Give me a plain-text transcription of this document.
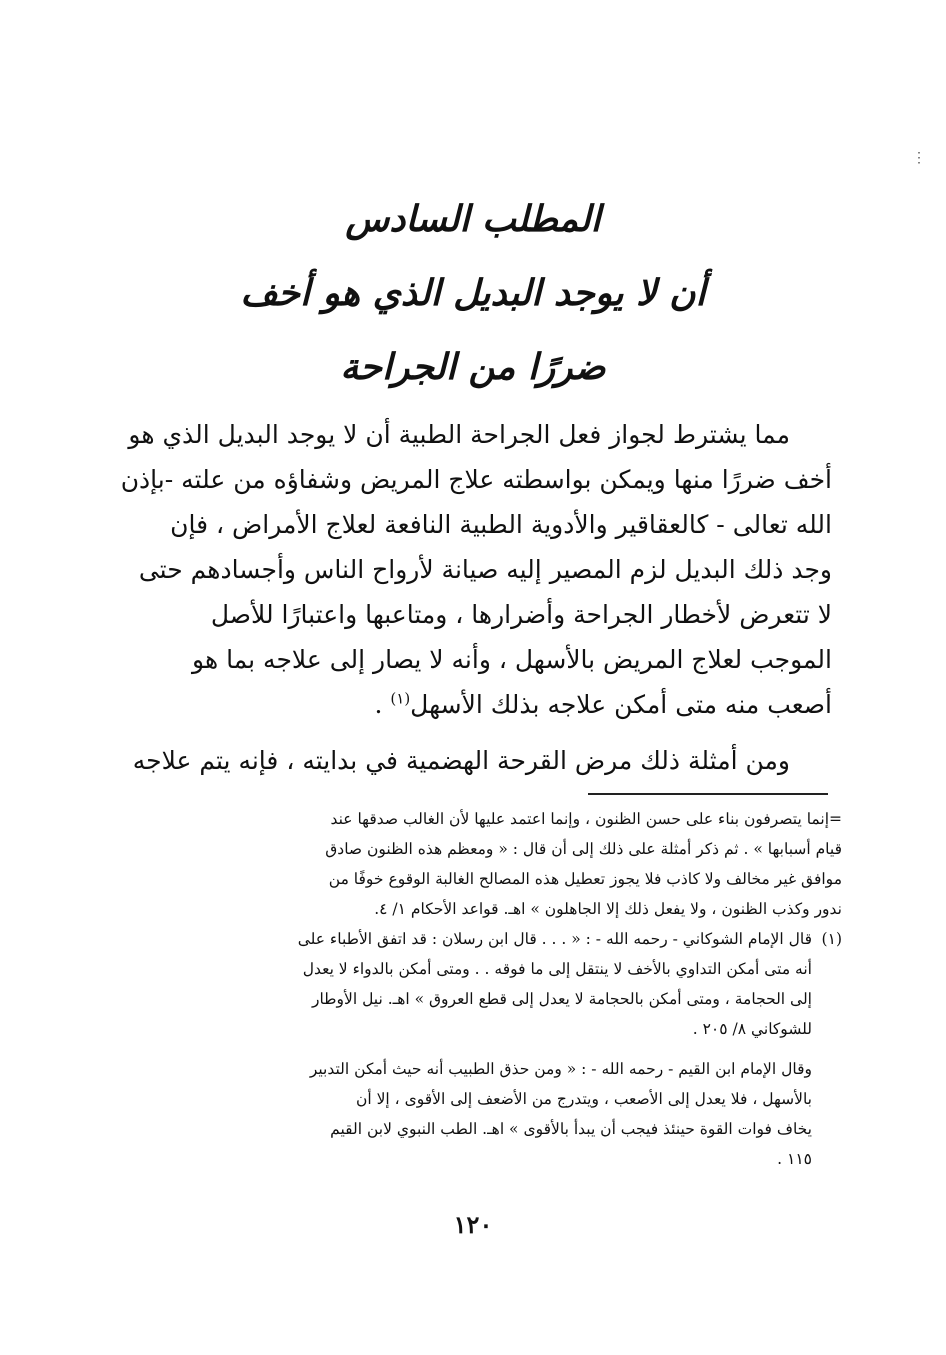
⋮
المطلب السادس
أن لا يوجد البديل الذي هو أخف
ضررًا من الجراحة
مما يشترط لجواز فعل الجراحة الطبية أن لا يوجد البديل الذي هو
أخف ضررًا منها ويمكن بواسطته علاج المريض وشفاؤه من علته -بإذن
الله تعالى - كالعقاقير والأدوية الطبية النافعة لعلاج الأمراض ، فإن
وجد ذلك البديل لزم المصير إليه صيانة لأرواح الناس وأجسادهم حتى
لا تتعرض لأخطار الجراحة وأضرارها ، ومتاعبها واعتبارًا للأصل
الموجب لعلاج المريض بالأسهل ، وأنه لا يصار إلى علاجه بما هو
أصعب منه متى أمكن علاجه بذلك الأسهل$^{(١)}$ .
ومن أمثلة ذلك مرض القرحة الهضمية في بدايته ، فإنه يتم علاجه
=إنما يتصرفون بناء على حسن الظنون ، وإنما اعتمد عليها لأن الغالب صدقها عند
قيام أسبابها » . ثم ذكر أمثلة على ذلك إلى أن قال : « ومعظم هذه الظنون صادق
موافق غير مخالف ولا كاذب فلا يجوز تعطيل هذه المصالح الغالبة الوقوع خوفًا من
ندور وكذب الظنون ، ولا يفعل ذلك إلا الجاهلون » اهـ. قواعد الأحكام ١/ ٤.
(١)قال الإمام الشوكاني - رحمه الله - : « . . . قال ابن رسلان : قد اتفق الأطباء على
أنه متى أمكن التداوي بالأخف لا ينتقل إلى ما فوقه . . ومتى أمكن بالدواء لا يعدل
إلى الحجامة ، ومتى أمكن بالحجامة لا يعدل إلى قطع العروق » اهـ. نيل الأوطار
للشوكاني ٨/ ٢٠٥ .
وقال الإمام ابن القيم - رحمه الله - : « ومن حذق الطبيب أنه حيث أمكن التدبير
بالأسهل ، فلا يعدل إلى الأصعب ، ويتدرج من الأضعف إلى الأقوى ، إلا أن
يخاف فوات القوة حينئذ فيجب أن يبدأ بالأقوى » اهـ. الطب النبوي لابن القيم
١١٥ .
١٢٠
